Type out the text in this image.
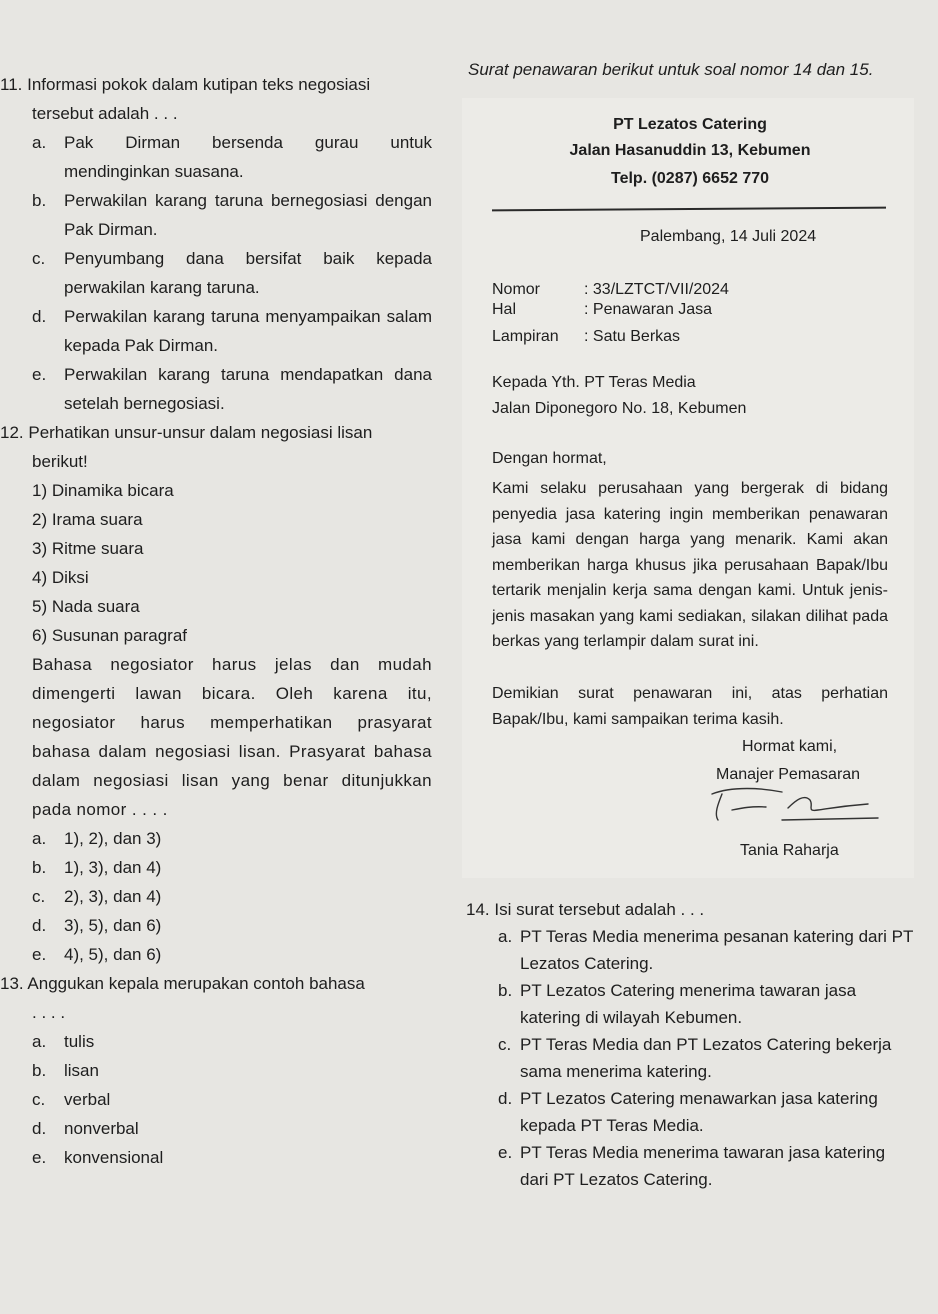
11. Informasi pokok dalam kutipan teks negosiasi

tersebut adalah . . .

a. Pak Dirman bersenda gurau untuk mendinginkan suasana.

b. Perwakilan karang taruna bernegosiasi dengan Pak Dirman.

c. Penyumbang dana bersifat baik kepada perwakilan karang taruna.

d. Perwakilan karang taruna menyampaikan salam kepada Pak Dirman.

e. Perwakilan karang taruna mendapatkan dana setelah bernegosiasi.

12. Perhatikan unsur-unsur dalam negosiasi lisan

berikut!

1) Dinamika bicara

2) Irama suara

3) Ritme suara

4) Diksi

5) Nada suara

6) Susunan paragraf

Bahasa negosiator harus jelas dan mudah dimengerti lawan bicara. Oleh karena itu, negosiator harus memperhatikan prasyarat bahasa dalam negosiasi lisan. Prasyarat bahasa dalam negosiasi lisan yang benar ditunjukkan pada nomor . . . .

a. 1), 2), dan 3)

b. 1), 3), dan 4)

c. 2), 3), dan 4)

d. 3), 5), dan 6)

e. 4), 5), dan 6)

13. Anggukan kepala merupakan contoh bahasa

. . . .

a. tulis

b. lisan

c. verbal

d. nonverbal

e. konvensional

Surat penawaran berikut untuk soal nomor 14 dan 15.
PT Lezatos Catering
Jalan Hasanuddin 13, Kebumen
Telp. (0287) 6652 770
Palembang, 14 Juli 2024
Nomor	: 33/LZTCT/VII/2024
Hal	: Penawaran Jasa
Lampiran : Satu Berkas
Kepada Yth. PT Teras Media
Jalan Diponegoro No. 18, Kebumen
Dengan hormat,
Kami selaku perusahaan yang bergerak di bidang penyedia jasa katering ingin memberikan penawaran jasa kami dengan harga yang menarik. Kami akan memberikan harga khusus jika perusahaan Bapak/Ibu tertarik menjalin kerja sama dengan kami. Untuk jenis-jenis masakan yang kami sediakan, silakan dilihat pada berkas yang terlampir dalam surat ini.
Demikian surat penawaran ini, atas perhatian Bapak/Ibu, kami sampaikan terima kasih.
Hormat kami,
Manajer Pemasaran
Tania Raharja

14. Isi surat tersebut adalah . . .

a. PT Teras Media menerima pesanan katering dari PT Lezatos Catering.

b. PT Lezatos Catering menerima tawaran jasa katering di wilayah Kebumen.

c. PT Teras Media dan PT Lezatos Catering bekerja sama menerima katering.

d. PT Lezatos Catering menawarkan jasa katering kepada PT Teras Media.

e. PT Teras Media menerima tawaran jasa katering dari PT Lezatos Catering.
